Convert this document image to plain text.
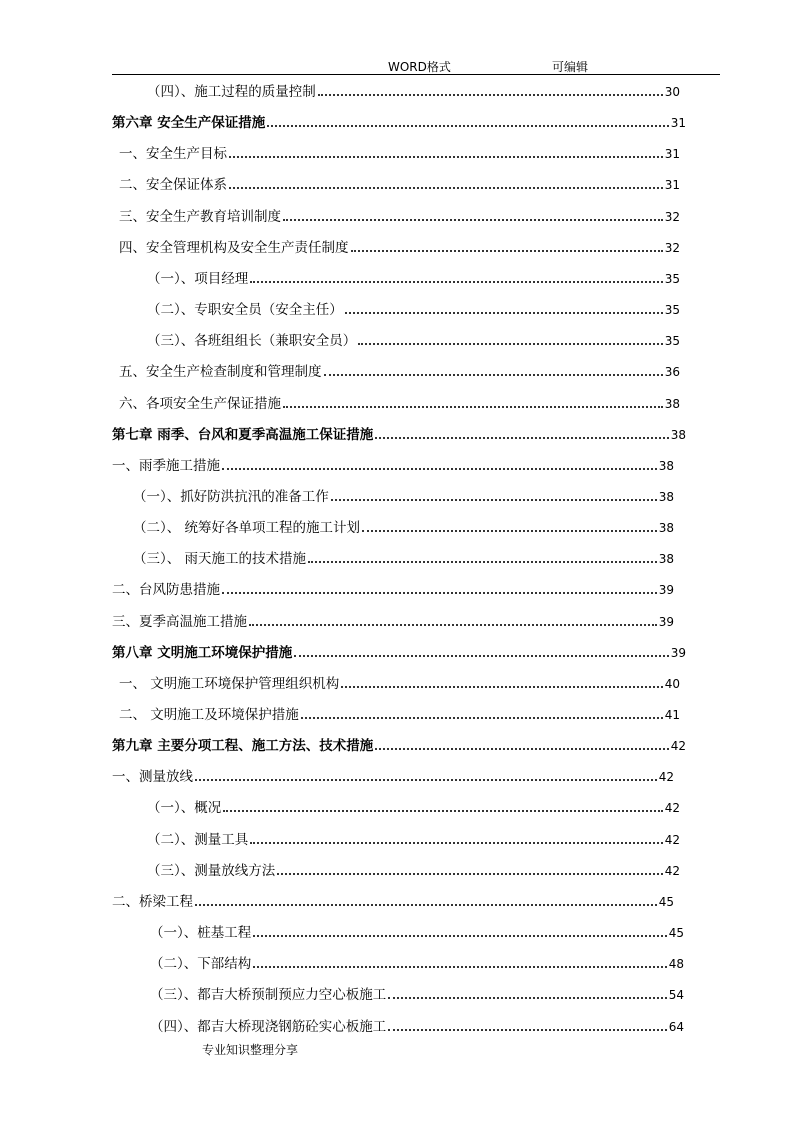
WORD格式	可编辑
（四）、施工过程的质量控制	30
第六章 安全生产保证措施	31
一、安全生产目标	31
二、安全保证体系	31
三、安全生产教育培训制度	32
四、安全管理机构及安全生产责任制度	32
（一）、项目经理	35
（二）、专职安全员（安全主任）	35
（三）、各班组组长（兼职安全员）	35
五、安全生产检查制度和管理制度	36
六、各项安全生产保证措施	38
第七章 雨季、台风和夏季高温施工保证措施	38
一、雨季施工措施	38
（一）、抓好防洪抗汛的准备工作	38
（二）、 统筹好各单项工程的施工计划	38
（三）、 雨天施工的技术措施	38
二、台风防患措施	39
三、夏季高温施工措施	39
第八章 文明施工环境保护措施	39
一、 文明施工环境保护管理组织机构	40
二、 文明施工及环境保护措施	41
第九章 主要分项工程、施工方法、技术措施	42
一、测量放线	42
（一）、概况	42
（二）、测量工具	42
（三）、测量放线方法	42
二、桥梁工程	45
（一）、桩基工程	45
（二）、下部结构	48
（三）、都吉大桥预制预应力空心板施工	54
（四）、都吉大桥现浇钢筋砼实心板施工	64
专业知识整理分享
